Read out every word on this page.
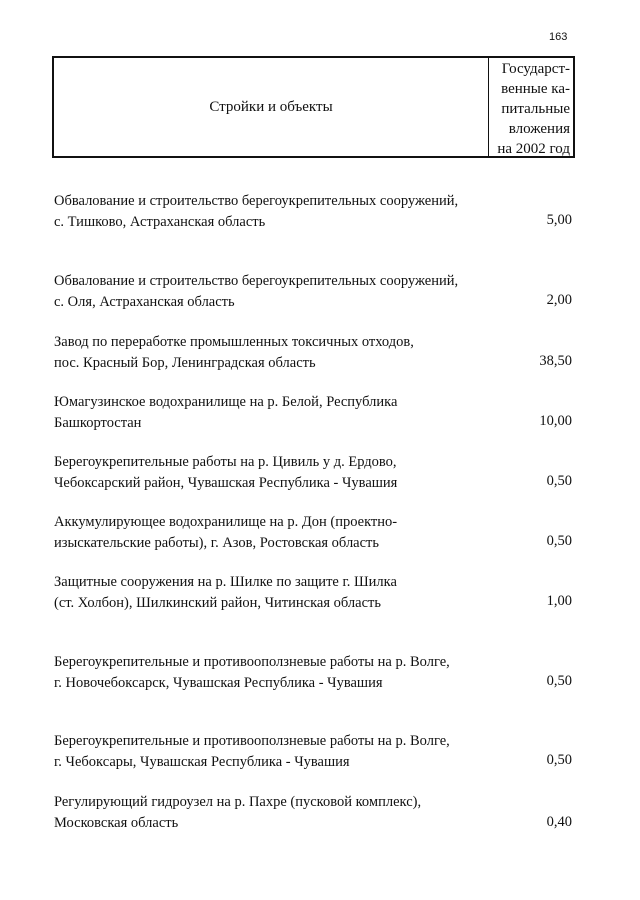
163
Стройки и объекты
Государст-
венные ка-
питальные
вложения
на 2002 год
Обвалование и строительство берегоукрепительных сооружений,
с. Тишково, Астраханская область	5,00
Обвалование и строительство берегоукрепительных сооружений,
с. Оля, Астраханская область	2,00
Завод по переработке промышленных токсичных отходов,
пос. Красный Бор, Ленинградская область	38,50
Юмагузинское водохранилище на р. Белой, Республика
Башкортостан	10,00
Берегоукрепительные работы на р. Цивиль у д. Ердово,
Чебоксарский район, Чувашская Республика - Чувашия	0,50
Аккумулирующее водохранилище на р. Дон (проектно-
изыскательские работы), г. Азов, Ростовская область	0,50
Защитные сооружения на р. Шилке по защите г. Шилка
(ст. Холбон), Шилкинский район, Читинская область	1,00
Берегоукрепительные и противооползневые работы на р. Волге,
г. Новочебоксарск, Чувашская Республика - Чувашия	0,50
Берегоукрепительные и противооползневые работы на р. Волге,
г. Чебоксары, Чувашская Республика - Чувашия	0,50
Регулирующий гидроузел на р. Пахре (пусковой комплекс),
Московская область	0,40
